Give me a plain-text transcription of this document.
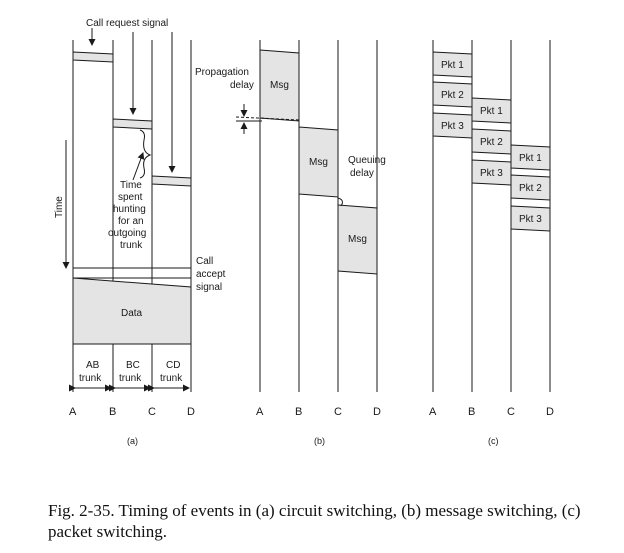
Call request signal
Time
Time
spent
hunting
for an
outgoing
trunk
Call
accept
signal
Data
AB
trunk
BC
trunk
CD
trunk
A	B	C	D
(a)
Propagation
delay Msg
Msg
Msg
Queuing
delay
A	B	C	D
(b)
Pkt 1
Pkt 2
Pkt 3
Pkt 1
Pkt 2
Pkt 3
Pkt 1
Pkt 2
Pkt 3
A	B	C	D
(c)
Fig. 2-35. Timing of events in (a) circuit switching, (b) message switching, (c) packet switching.
